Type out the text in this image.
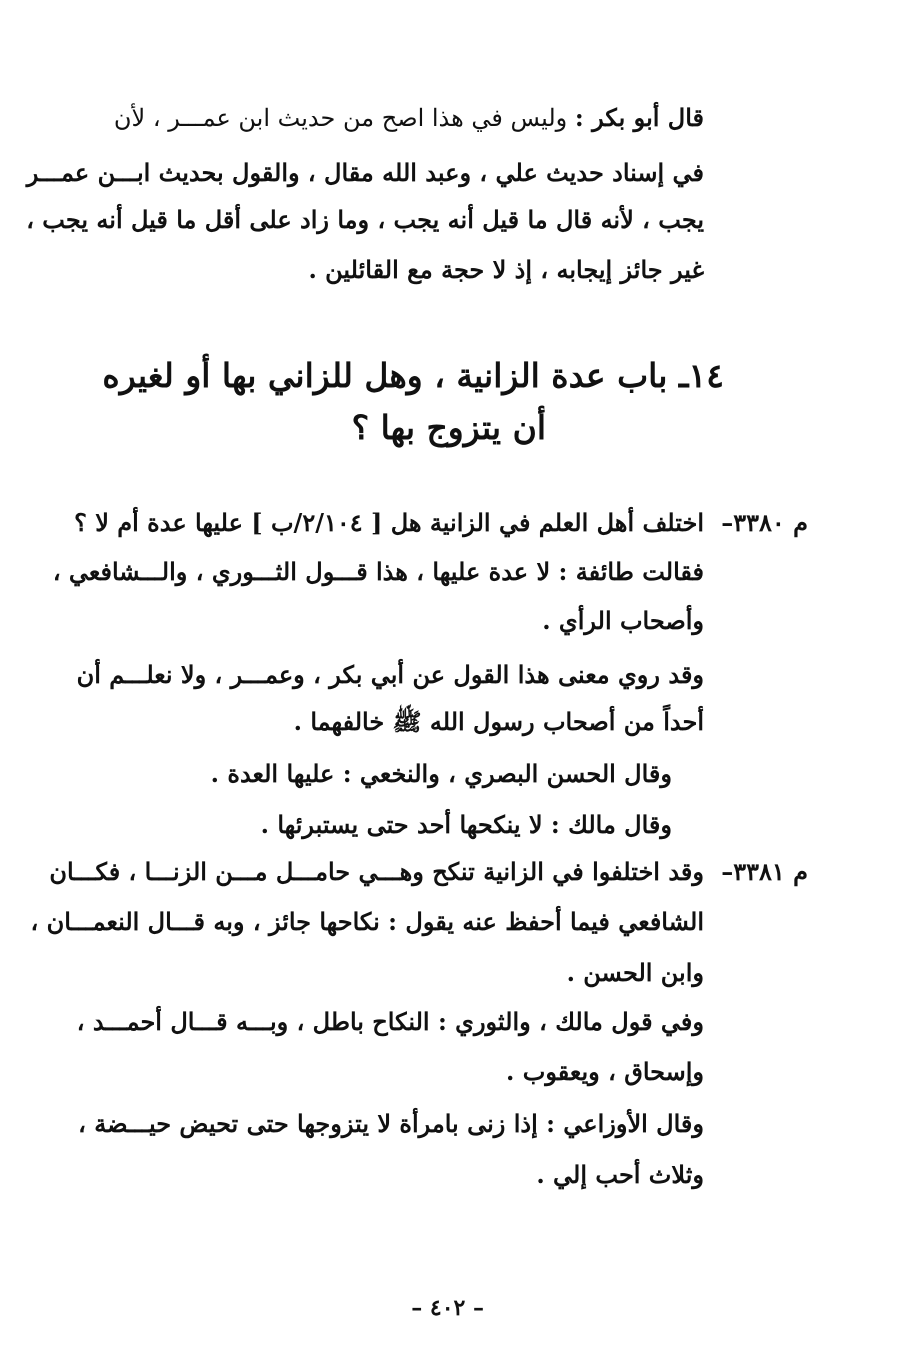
قال أبو بكر : وليس في هذا اصح من حديث ابن عمـــر ، لأن
في إسناد حديث علي ، وعبد الله مقال ، والقول بحديث ابـــن عمـــر
يجب ، لأنه قال ما قيل أنه يجب ، وما زاد على أقل ما قيل أنه يجب ،
غير جائز إيجابه ، إذ لا حجة مع القائلين .
١٤ـ باب عدة الزانية ، وهل للزاني بها أو لغيره
أن يتزوج بها ؟
م ٣٣٨٠–
اختلف أهل العلم في الزانية هل [ ٢/١٠٤/ب ] عليها عدة أم لا ؟
فقالت طائفة : لا عدة عليها ، هذا قـــول الثـــوري ، والـــشافعي ،
وأصحاب الرأي .
وقد روي معنى هذا القول عن أبي بكر ، وعمـــر ، ولا نعلـــم أن
أحداً من أصحاب رسول الله ﷺ خالفهما .
وقال الحسن البصري ، والنخعي : عليها العدة .
وقال مالك : لا ينكحها أحد حتى يستبرئها .
م ٣٣٨١–
وقد اختلفوا في الزانية تنكح وهـــي حامـــل مـــن الزنـــا ، فكـــان
الشافعي فيما أحفظ عنه يقول : نكاحها جائز ، وبه قـــال النعمـــان ،
وابن الحسن .
وفي قول مالك ، والثوري : النكاح باطل ، وبـــه قـــال أحمـــد ،
وإسحاق ، ويعقوب .
وقال الأوزاعي : إذا زنى بامرأة لا يتزوجها حتى تحيض حيـــضة ،
وثلاث أحب إلي .
– ٤٠٢ –
